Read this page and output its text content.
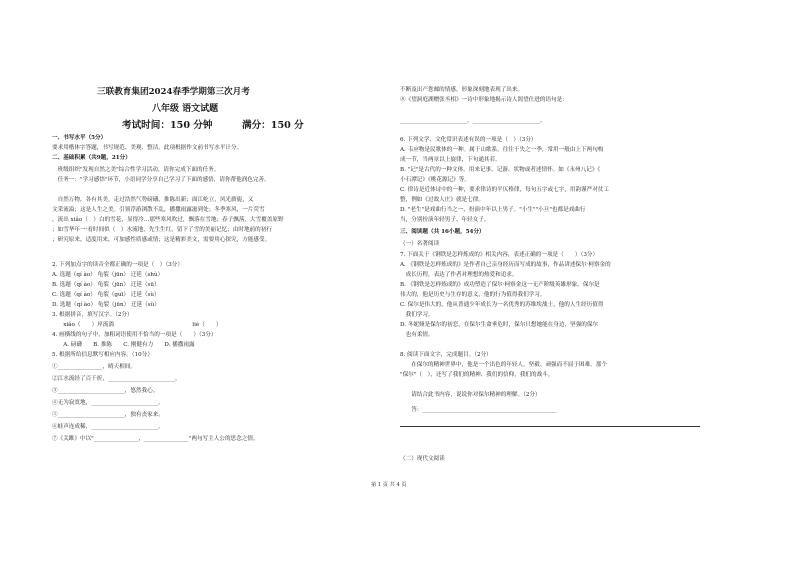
三联教育集团2024春季学期第三次月考
八年级 语文试题
考试时间：150 分钟	满分：150 分
一、书写水平（5分）
要求用楷体字答题，书写规范、美观、整洁。此项根据作文前书写水平计分。
二、基础积累（共9题，21分）
　班级组织"发现自然之美"综合性学习活动，请你完成下面的任务。
　任务一："学习感悟"环节，小语同学分享自己学习了下面的感悟，请你帮他润色完善。
　自然万物，各有其美。走过浩然气势磅礴，推陈出新；面江屹立，风光旖旎，又
文采流溢；这是人生之美。引领浮游浏散不乱，播撒雨露滋到处；冬季寒风，一片荧雪
，流出 xiǎo（　）白的雪花，显得冷…那些寒风吹过，飘落在雪地；春子飘落，大雪覆盖原野
；如雪华年一·看时间似（　）水流地，先生生红，留下了雪的美丽记忆；由时地前的初行
；研究原来，适度用来，可加感性质感或情；这是精彩美文，需要用心探究，方能感受。
2. 下列加点字的读音全都正确的一项是（　）（3分）
A. 选题（qí ào） 龟裂（jūn） 迁延（shù）
B. 选题（qí ào） 龟裂（jūn） 迁延（sū）
C. 选题（qí ào） 龟裂（guī） 迁延（sù）
D. 选题（qí ào） 龟裂（jūn） 迁延（sù）
3. 根据拼音，填写汉字。（2分）
　　xiǎo（　　）岸流淌　　　　　　　　　　　　　　liè（　　）
4. 画横线的句子中，加粗词语使用不恰当的一项是（　　）（3分）
　　A. 磅礴　　B. 推陈　　C. 刚健有力　　D. 播撒雨露
5. 根据所给信息默写相应内容。（10分）
①________________，晴天相间。
②江水流经了百千折，________________________。
③________________________，悠然我心。
④无为寂寞地，________________________。
⑤________________________，独有丧家来。
⑥蛙声连成稀，________________________。
⑦《关雎》中以"________________，________________"两句写主人公的思念之情。
不断及出产您邮的情感，形象深刻地表现了出来。
⑧《望洞庭湖赠张丞相》一诗中形象地揭示诗人渴望仕进的语句是：
________________________，________________________。
6. 下列文学、文化常识表述有误的一项是（　）（3分）
A. 韦应物是民歌体的一种。属于山歌系，往往于失之一季，常用一般由上下两句构
成一节，当两章以上旋律，下句通其若。
B. "记"是古代的一种文体，用来记事、记游、状物或者述情怀。如《永州八记》《
小石潭记》《桃花源记》等。
C. 律诗是近体诗中的一种，要求律诗的平仄格律，每句五字或七字，用韵谨严对仗工
整，例如《过故人庄》就是七律。
D. "老生"是戏曲行当之一，扮演中年以上男子。"小生""小旦"也都是戏曲行
当，分别扮演年轻男子、年轻女子。
三、阅读题（共 16小题，54分）
（一）名著阅读
7. 下面关于《钢铁是怎样炼成的》相关内容，表述正确的一项是（　　）（3分）
A. 《钢铁是怎样炼成的》是作者自己亲身经历而写成的故事，作品讲述保尔·柯察金的
　成长历程，表达了作者对理想的热爱和追求。
B. 《钢铁是怎样炼成的》成功塑造了保尔·柯察金这一无产阶级英雄形象。保尔是
伟大的，他是历史与生存的意义，他的行为值得我们学习。
C. 保尔是伟大的，他从普通少年成长为一名优秀的苏维埃战士，他的人生经历值得
　我们学习。
D. 冬妮娅是保尔的初恋，在保尔生命垂危时，保尔只想她能在身边，坚强的保尔
　也有柔情。
8. 阅读下面文字，完成题目。（2分）
　　在保尔的精神世界中，他是一个出色的年轻人，坚毅、顽强而不屈于困难。那个
"保尔"（　），还写了我们的精神、我们的信仰，我们的战斗。
　　请结合此书内容，说说你对保尔精神的理解。（2分）
　　答：________________________________________________
（二）现代文阅读
第 1 页 共 4 页
